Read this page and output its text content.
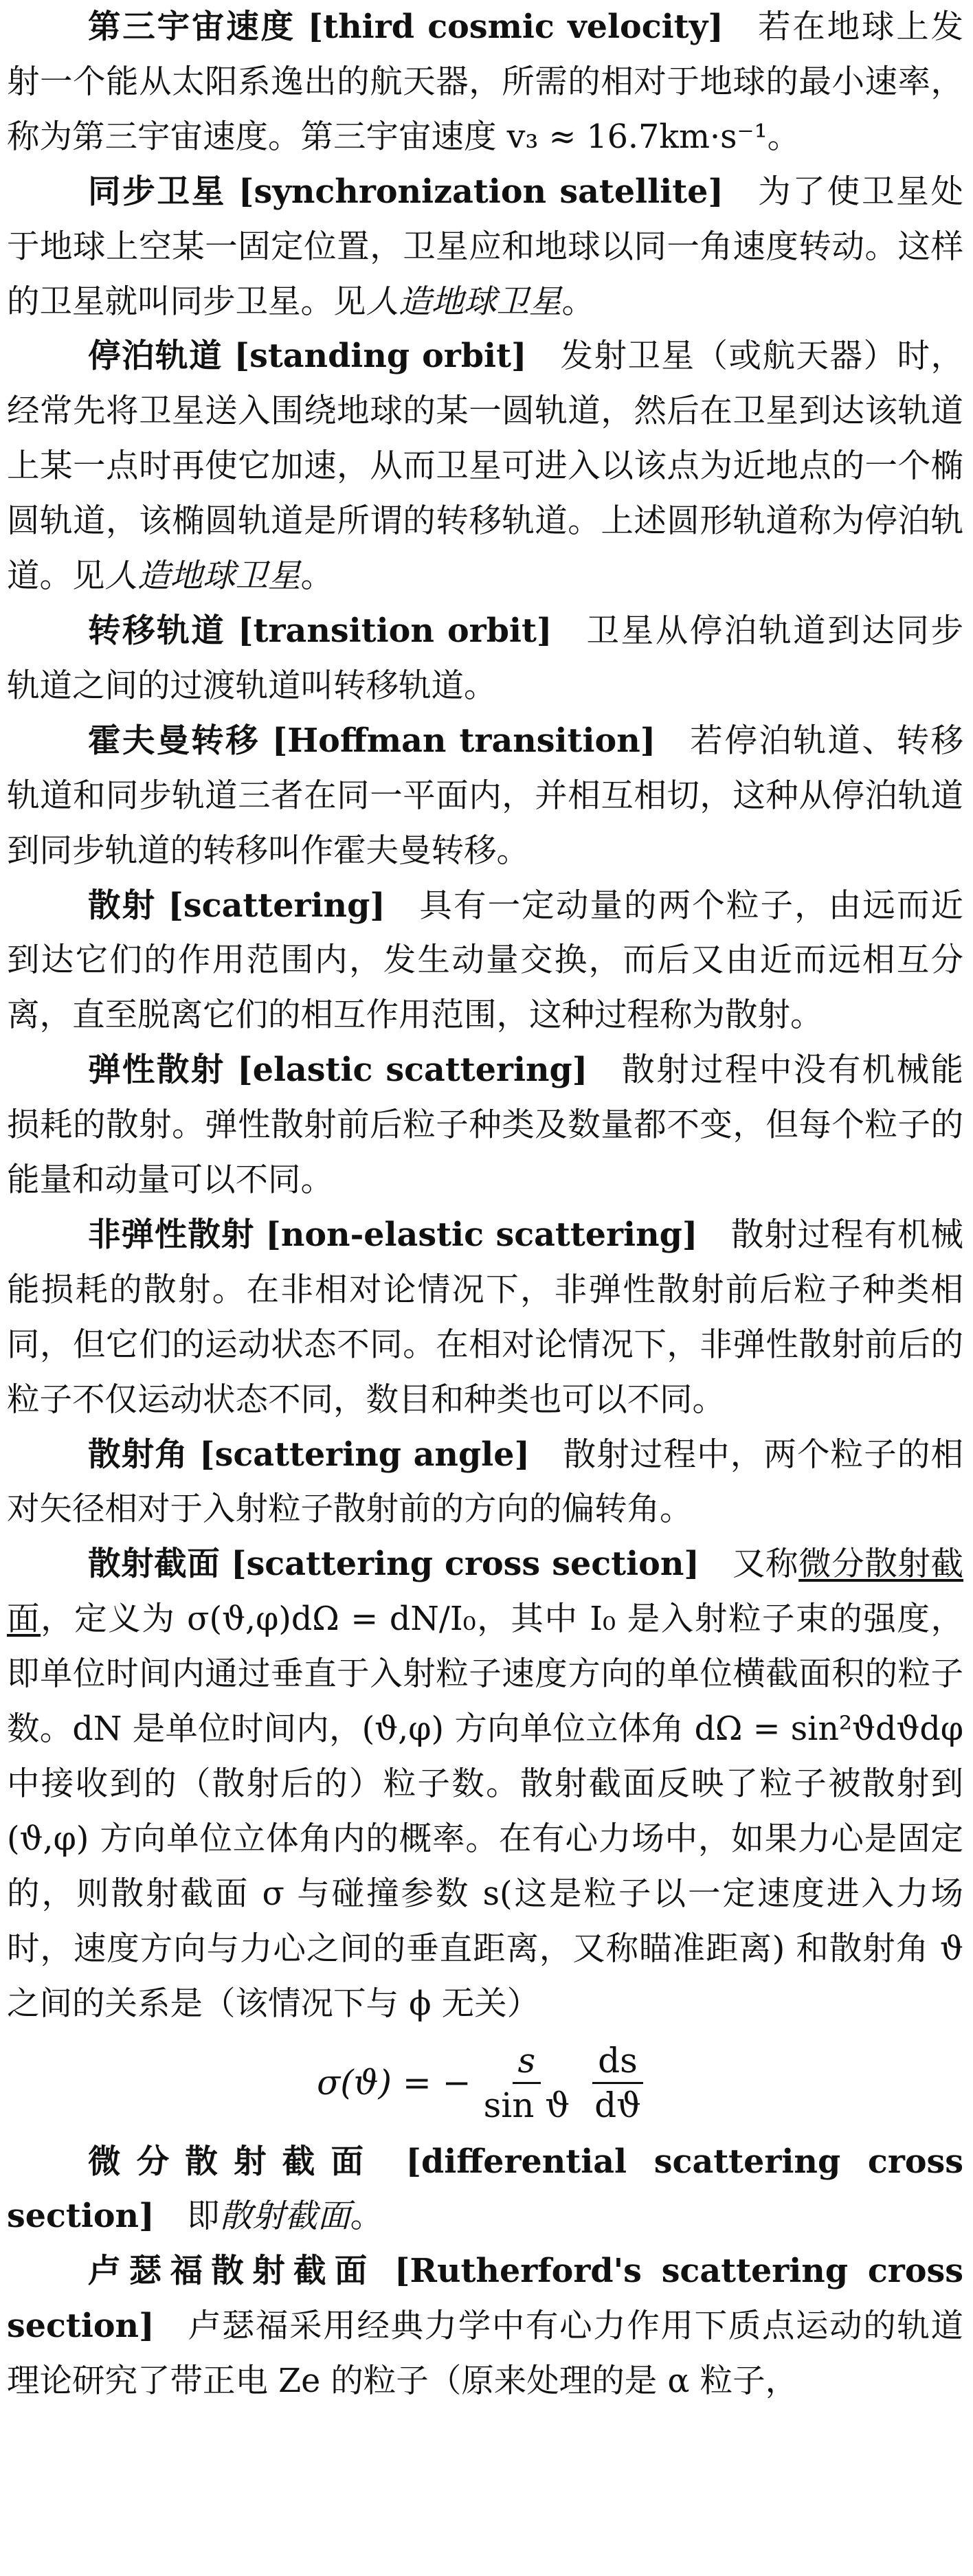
第三宇宙速度 [ third cosmic velocity ]  若在地球上发射一个能从太阳系逸出的航天器，所需的相对于地球的最小速率，称为第三宇宙速度。第三宇宙速度 v₃ ≈ 16.7km·s⁻¹。

同步卫星 [ synchronization satellite ]  为了使卫星处于地球上空某一固定位置，卫星应和地球以同一角速度转动。这样的卫星就叫同步卫星。见人造地球卫星。

停泊轨道 [ standing orbit ]  发射卫星（或航天器）时，经常先将卫星送入围绕地球的某一圆轨道，然后在卫星到达该轨道上某一点时再使它加速，从而卫星可进入以该点为近地点的一个椭圆轨道，该椭圆轨道是所谓的转移轨道。上述圆形轨道称为停泊轨道。见人造地球卫星。

转移轨道 [ transition orbit ]  卫星从停泊轨道到达同步轨道之间的过渡轨道叫转移轨道。

霍夫曼转移 [ Hoffman transition ]  若停泊轨道、转移轨道和同步轨道三者在同一平面内，并相互相切，这种从停泊轨道到同步轨道的转移叫作霍夫曼转移。

散射 [ scattering ]  具有一定动量的两个粒子，由远而近到达它们的作用范围内，发生动量交换，而后又由近而远相互分离，直至脱离它们的相互作用范围，这种过程称为散射。

弹性散射 [ elastic scattering ]  散射过程中没有机械能损耗的散射。弹性散射前后粒子种类及数量都不变，但每个粒子的能量和动量可以不同。

非弹性散射 [ non-elastic scattering ]  散射过程有机械能损耗的散射。在非相对论情况下，非弹性散射前后粒子种类相同，但它们的运动状态不同。在相对论情况下，非弹性散射前后的粒子不仅运动状态不同，数目和种类也可以不同。

散射角 [ scattering angle ]  散射过程中，两个粒子的相对矢径相对于入射粒子散射前的方向的偏转角。

散射截面 [ scattering cross section ]  又称微分散射截面，定义为 σ(ϑ,φ)dΩ = dN/I₀，其中 I₀ 是入射粒子束的强度，即单位时间内通过垂直于入射粒子速度方向的单位横截面积的粒子数。dN 是单位时间内，(ϑ,φ) 方向单位立体角 dΩ = sin²ϑdϑdφ 中接收到的（散射后的）粒子数。散射截面反映了粒子被散射到 (ϑ,φ) 方向单位立体角内的概率。在有心力场中，如果力心是固定的，则散射截面 σ 与碰撞参数 s(这是粒子以一定速度进入力场时，速度方向与力心之间的垂直距离，又称瞄准距离) 和散射角 ϑ 之间的关系是（该情况下与 ϕ 无关）

σ(ϑ) = − $\frac{s}{\text{sin ϑ}} \frac{ds}{dϑ}$

微分散射截面 [ differential scattering cross section ]  即散射截面。

卢瑟福散射截面 [ Rutherford's scattering cross section ]  卢瑟福采用经典力学中有心力作用下质点运动的轨道理论研究了带正电 Ze 的粒子（原来处理的是 α 粒子，
